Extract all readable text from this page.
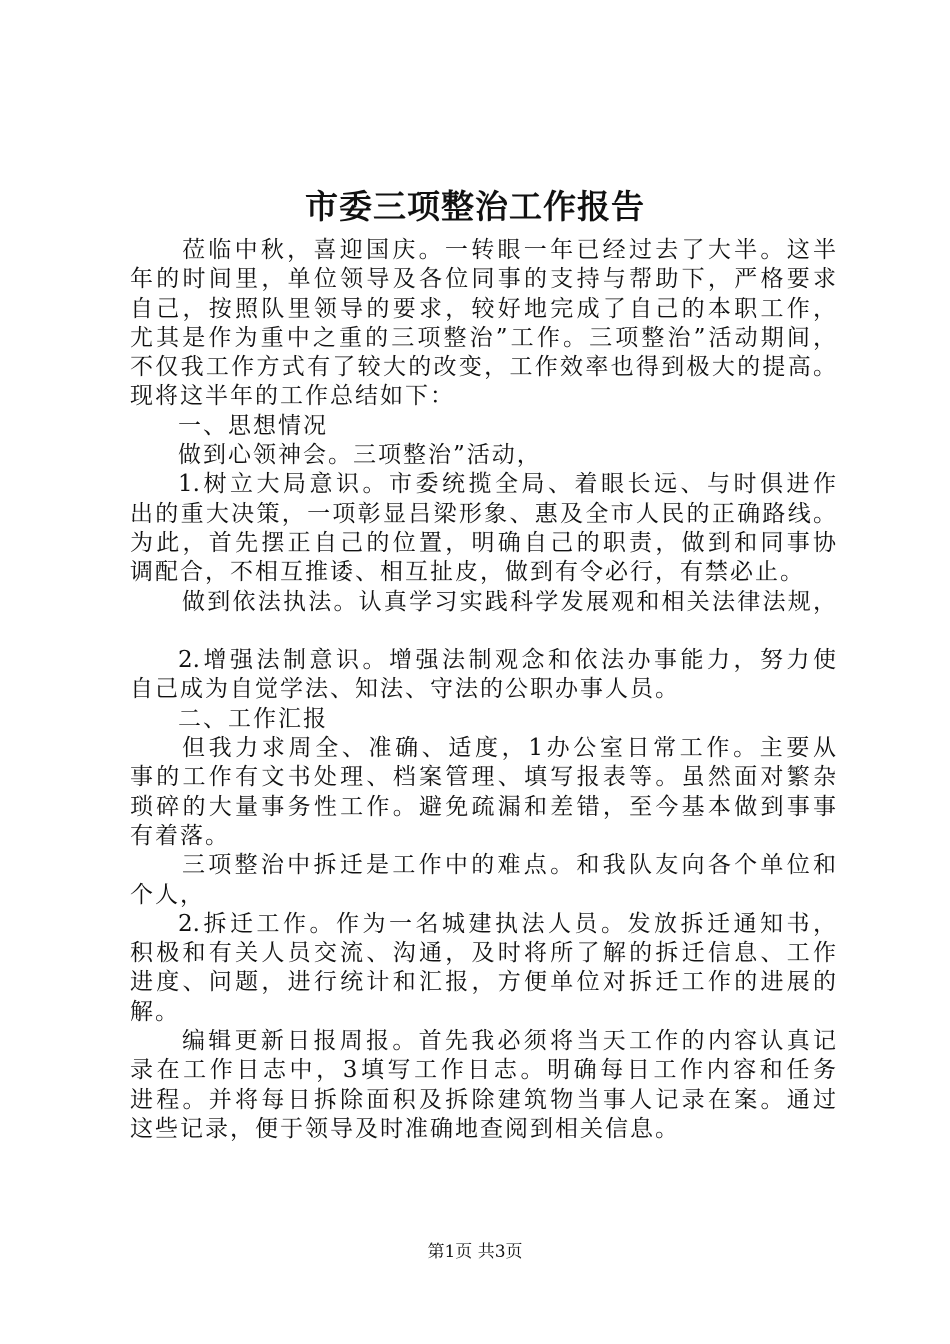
市委三项整治工作报告
莅临中秋，喜迎国庆。一转眼一年已经过去了大半。这半
年的时间里，单位领导及各位同事的支持与帮助下，严格要求
自己，按照队里领导的要求，较好地完成了自己的本职工作，
尤其是作为重中之重的三项整治”工作。三项整治”活动期间，
不仅我工作方式有了较大的改变，工作效率也得到极大的提高。
现将这半年的工作总结如下：
一、思想情况
做到心领神会。三项整治”活动，
1.树立大局意识。市委统揽全局、着眼长远、与时俱进作
出的重大决策，一项彰显吕梁形象、惠及全市人民的正确路线。
为此，首先摆正自己的位置，明确自己的职责，做到和同事协
调配合，不相互推诿、相互扯皮，做到有令必行，有禁必止。
做到依法执法。认真学习实践科学发展观和相关法律法规，
2.增强法制意识。增强法制观念和依法办事能力，努力使
自己成为自觉学法、知法、守法的公职办事人员。
二、工作汇报
但我力求周全、准确、适度，1办公室日常工作。主要从
事的工作有文书处理、档案管理、填写报表等。虽然面对繁杂
琐碎的大量事务性工作。避免疏漏和差错，至今基本做到事事
有着落。
三项整治中拆迁是工作中的难点。和我队友向各个单位和
个人，
2.拆迁工作。作为一名城建执法人员。发放拆迁通知书，
积极和有关人员交流、沟通，及时将所了解的拆迁信息、工作
进度、问题，进行统计和汇报，方便单位对拆迁工作的进展的
解。
编辑更新日报周报。首先我必须将当天工作的内容认真记
录在工作日志中，3填写工作日志。明确每日工作内容和任务
进程。并将每日拆除面积及拆除建筑物当事人记录在案。通过
这些记录，便于领导及时准确地查阅到相关信息。
第1页 共3页
